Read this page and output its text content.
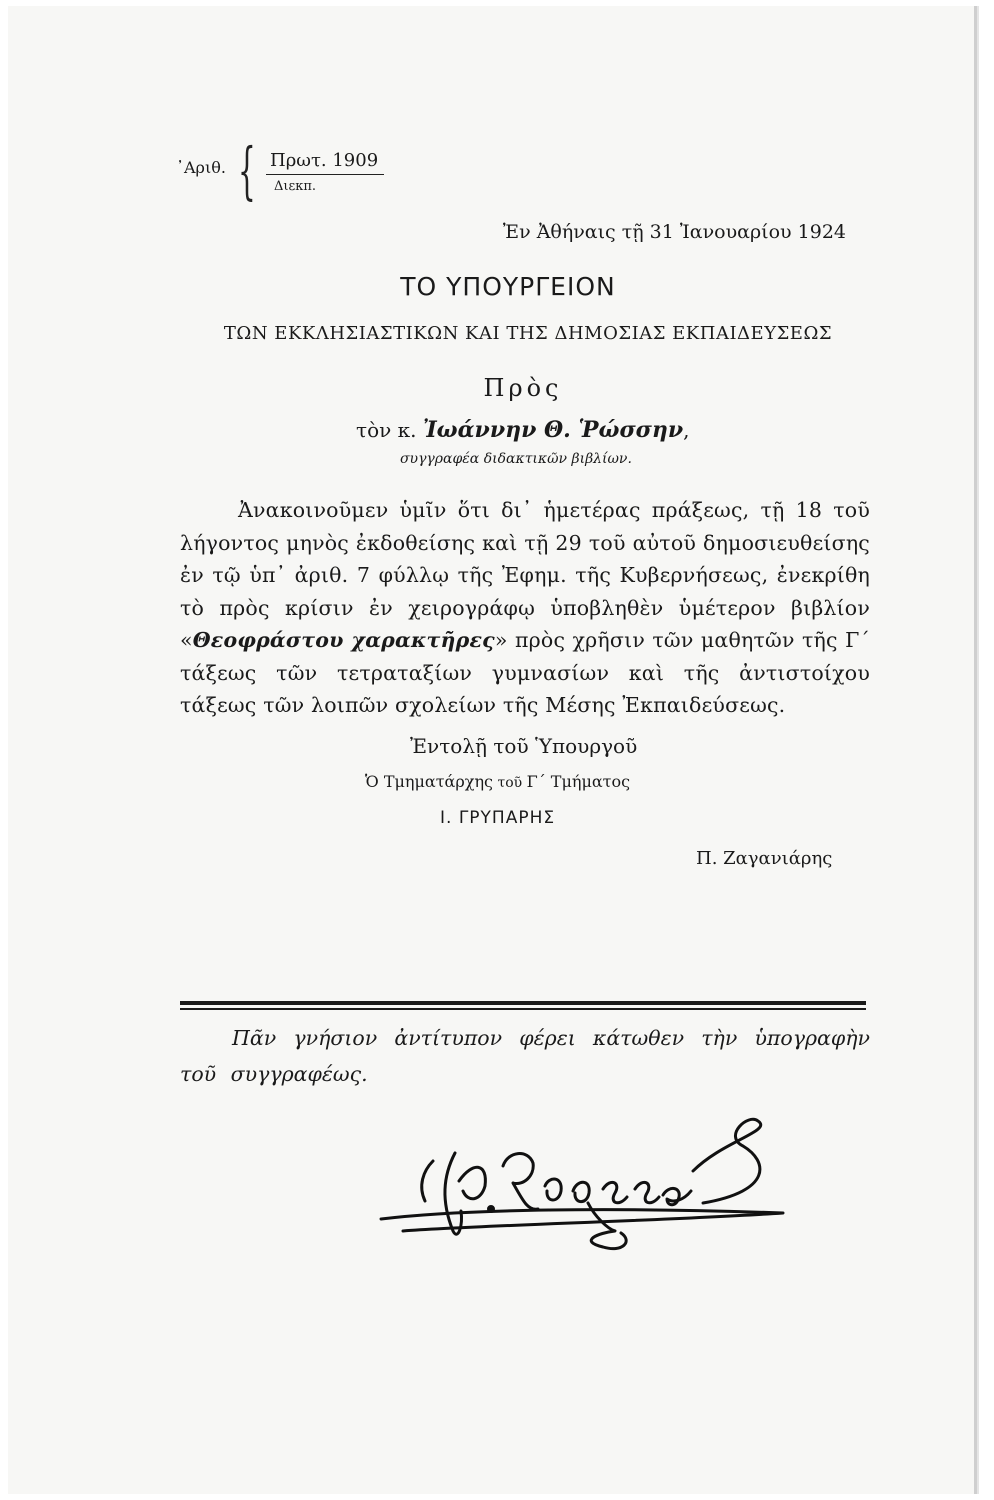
᾿Αριθ. { Πρωτ. 1909
Διεκπ.
Ἐν Ἀθήναις τῇ 31 Ἰανουαρίου 1924
ΤΟ ΥΠΟΥΡΓΕΙΟΝ
ΤΩΝ ΕΚΚΛΗΣΙΑΣΤΙΚΩΝ ΚΑΙ ΤΗΣ ΔΗΜΟΣΙΑΣ ΕΚΠΑΙΔΕΥΣΕΩΣ
Πρὸς
τὸν κ. Ἰωάννην Θ. Ῥώσσην,
συγγραφέα διδακτικῶν βιβλίων.
Ἀνακοινοῦμεν ὑμῖν ὅτι δι᾿ ἡμετέρας πράξεως, τῇ 18 τοῦ λήγοντος μηνὸς ἐκδοθείσης καὶ τῇ 29 τοῦ αὐτοῦ δημοσιευθείσης ἐν τῷ ὑπ᾿ ἀριθ. 7 φύλλῳ τῆς Ἐφημ. τῆς Κυβερνήσεως, ἐνεκρίθη τὸ πρὸς κρίσιν ἐν χειρογράφῳ ὑποβληθὲν ὑμέτερον βιβλίον «Θεοφράστου χαρακτῆρες» πρὸς χρῆσιν τῶν μαθητῶν τῆς Γ΄ τάξεως τῶν τετραταξίων γυμνασίων καὶ τῆς ἀντιστοίχου τάξεως τῶν λοιπῶν σχολείων τῆς Μέσης Ἐκπαιδεύσεως.
Ἐντολῇ τοῦ Ὑπουργοῦ
Ὁ Τμηματάρχης τοῦ Γ΄ Τμήματος
Ι. ΓΡΥΠΑΡΗΣ
Π. Ζαγανιάρης
Πᾶν γνήσιον ἀντίτυπον φέρει κάτωθεν τὴν ὑπογραφὴν τοῦ συγγραφέως.
